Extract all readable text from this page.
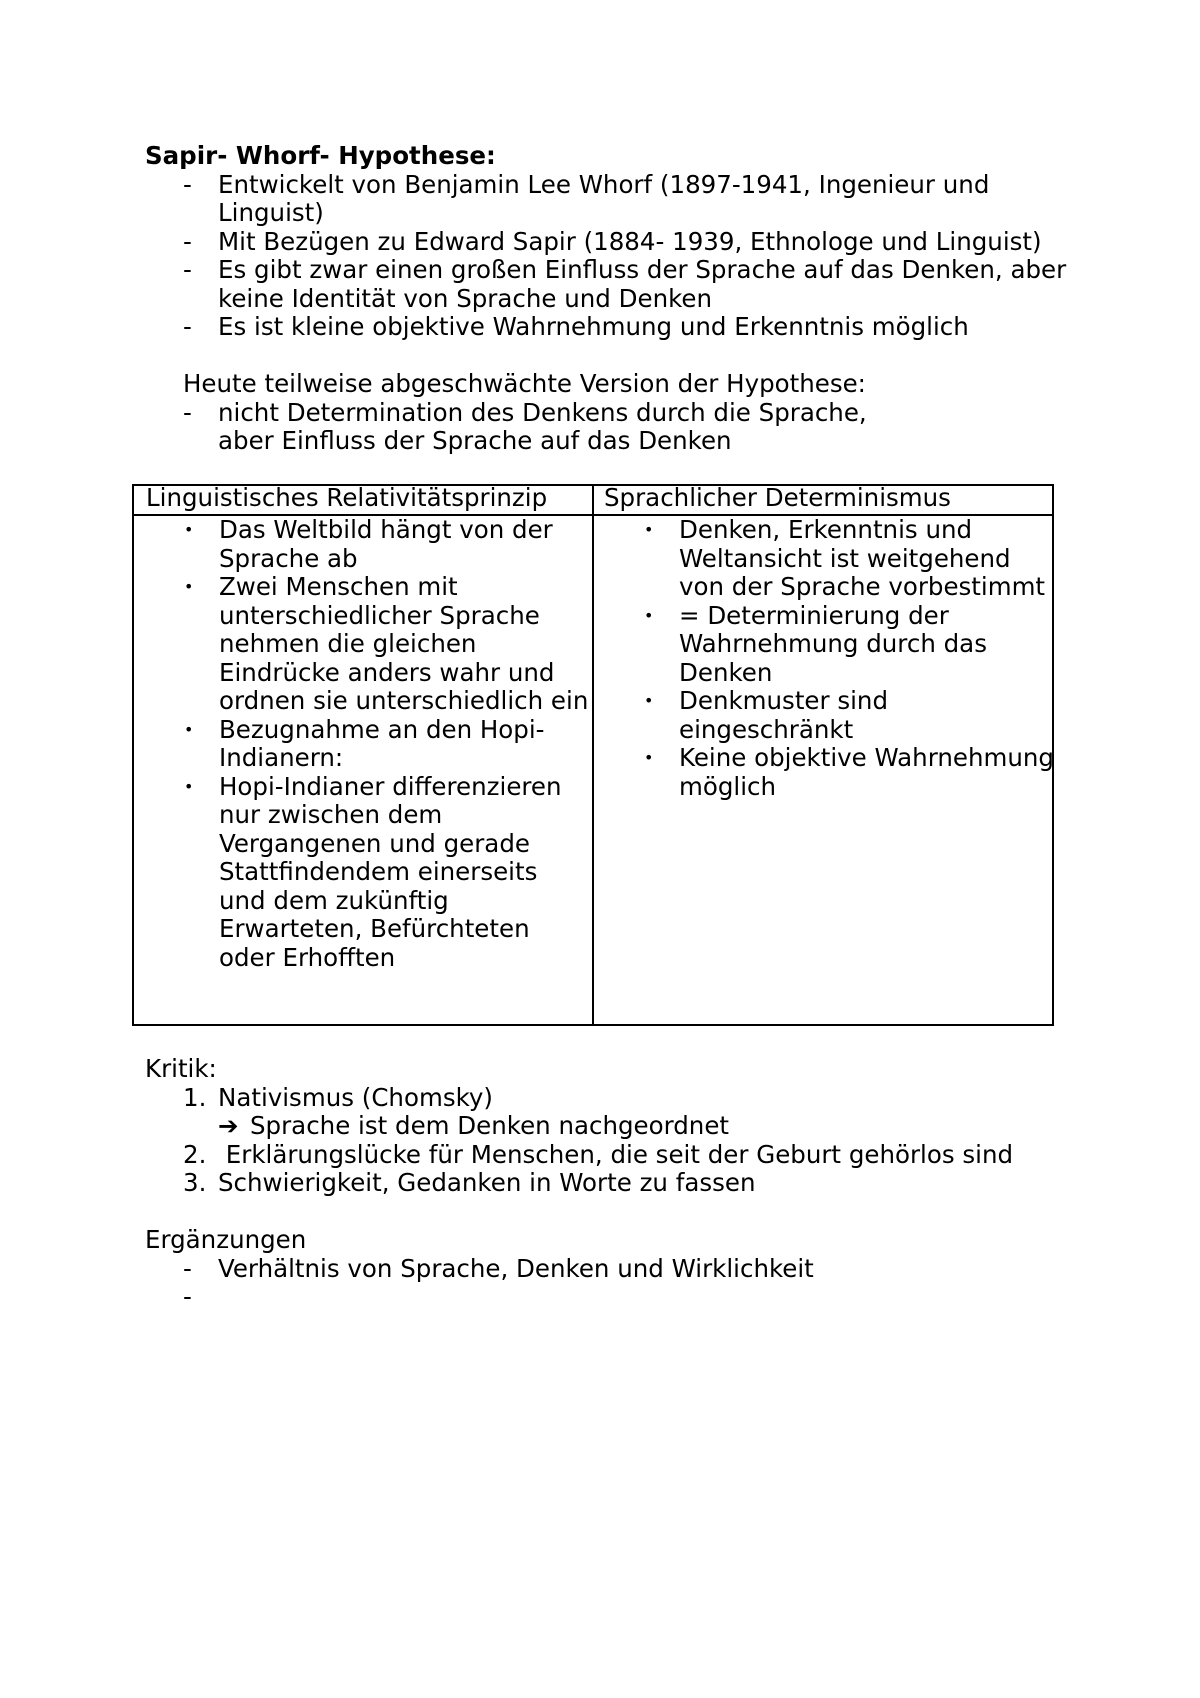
Sapir- Whorf- Hypothese:

- Entwickelt von Benjamin Lee Whorf (1897-1941, Ingenieur und Linguist)
- Mit Bezügen zu Edward Sapir (1884- 1939, Ethnologe und Linguist)
- Es gibt zwar einen großen Einfluss der Sprache auf das Denken, aber keine Identität von Sprache und Denken
- Es ist kleine objektive Wahrnehmung und Erkenntnis möglich
Heute teilweise abgeschwächte Version der Hypothese:
- nicht Determination des Denkens durch die Sprache,
aber Einfluss der Sprache auf das Denken
Linguistisches Relativitätsprinzip	Sprachlicher Determinismus
• Das Weltbild hängt von der Sprache ab
• Zwei Menschen mit unterschiedlicher Sprache nehmen die gleichen Eindrücke anders wahr und ordnen sie unterschiedlich ein
• Bezugnahme an den Hopi-Indianern:
• Hopi-Indianer differenzieren nur zwischen dem Vergangenen und gerade Stattfindendem einerseits und dem zukünftig Erwarteten, Befürchteten oder Erhofften
• Denken, Erkenntnis und Weltansicht ist weitgehend von der Sprache vorbestimmt
• = Determinierung der Wahrnehmung durch das Denken
• Denkmuster sind eingeschränkt
• Keine objektive Wahrnehmung möglich
Kritik:
1. Nativismus (Chomsky)
➔ Sprache ist dem Denken nachgeordnet
2. Erklärungslücke für Menschen, die seit der Geburt gehörlos sind
3. Schwierigkeit, Gedanken in Worte zu fassen
Ergänzungen
- Verhältnis von Sprache, Denken und Wirklichkeit
-
